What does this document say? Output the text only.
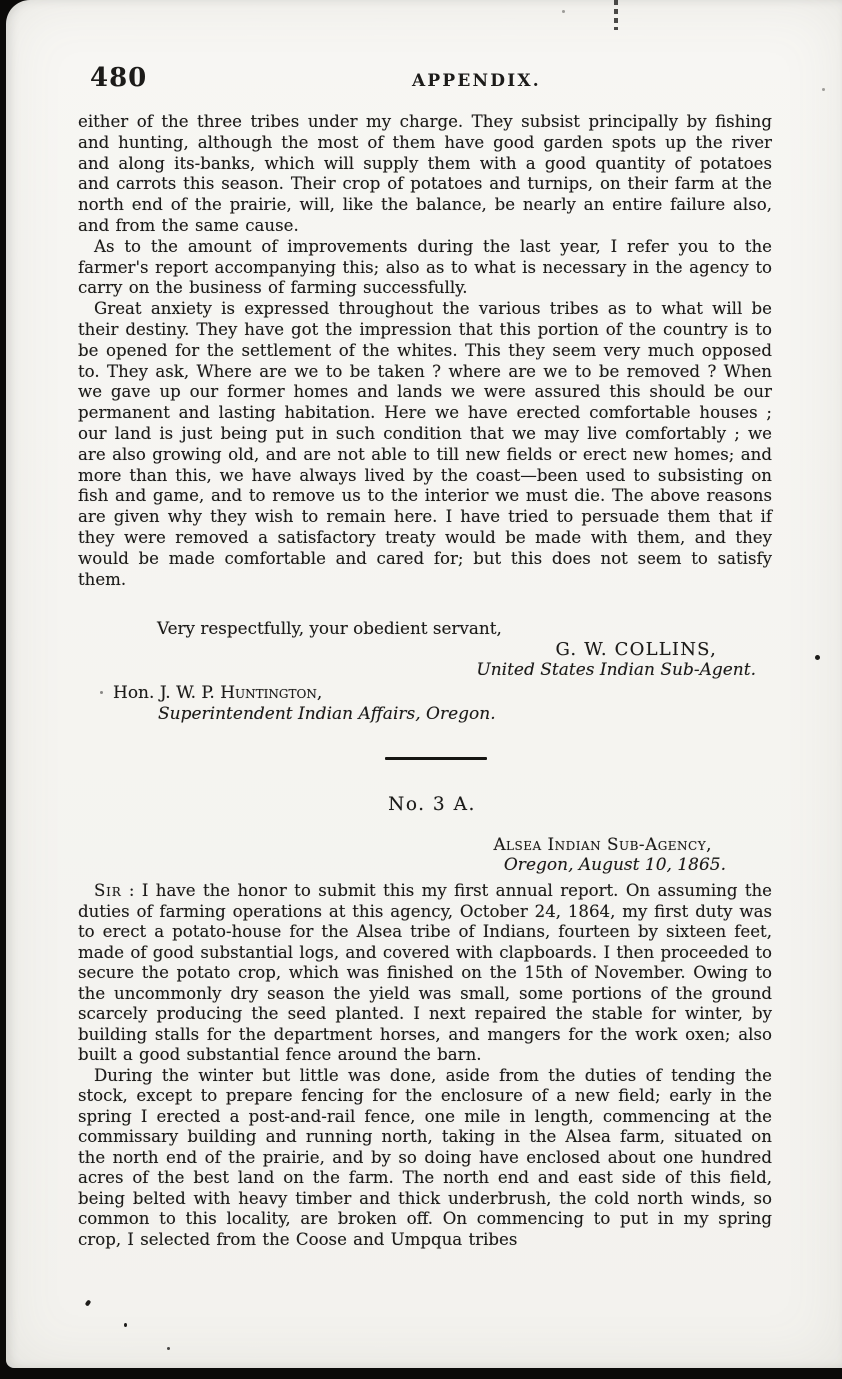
480	APPENDIX.

either of the three tribes under my charge. They subsist principally by fishing and hunting, although the most of them have good garden spots up the river and along its-banks, which will supply them with a good quantity of potatoes and carrots this season. Their crop of potatoes and turnips, on their farm at the north end of the prairie, will, like the balance, be nearly an entire failure also, and from the same cause.

As to the amount of improvements during the last year, I refer you to the farmer's report accompanying this; also as to what is necessary in the agency to carry on the business of farming successfully.

Great anxiety is expressed throughout the various tribes as to what will be their destiny. They have got the impression that this portion of the country is to be opened for the settlement of the whites. This they seem very much opposed to. They ask, Where are we to be taken ? where are we to be removed ? When we gave up our former homes and lands we were assured this should be our permanent and lasting habitation. Here we have erected comfortable houses ; our land is just being put in such condition that we may live comfortably ; we are also growing old, and are not able to till new fields or erect new homes; and more than this, we have always lived by the coast—been used to subsisting on fish and game, and to remove us to the interior we must die. The above reasons are given why they wish to remain here. I have tried to persuade them that if they were removed a satisfactory treaty would be made with them, and they would be made comfortable and cared for; but this does not seem to satisfy them.

Very respectfully, your obedient servant,

G. W. COLLINS,

United States Indian Sub-Agent.

Hon. J. W. P. Huntington,

Superintendent Indian Affairs, Oregon.

No. 3 A.
Alsea Indian Sub-Agency,
Oregon, August 10, 1865.

Sir : I have the honor to submit this my first annual report. On assuming the duties of farming operations at this agency, October 24, 1864, my first duty was to erect a potato-house for the Alsea tribe of Indians, fourteen by sixteen feet, made of good substantial logs, and covered with clapboards. I then proceeded to secure the potato crop, which was finished on the 15th of November. Owing to the uncommonly dry season the yield was small, some portions of the ground scarcely producing the seed planted. I next repaired the stable for winter, by building stalls for the department horses, and mangers for the work oxen; also built a good substantial fence around the barn.

During the winter but little was done, aside from the duties of tending the stock, except to prepare fencing for the enclosure of a new field; early in the spring I erected a post-and-rail fence, one mile in length, commencing at the commissary building and running north, taking in the Alsea farm, situated on the north end of the prairie, and by so doing have enclosed about one hundred acres of the best land on the farm. The north end and east side of this field, being belted with heavy timber and thick underbrush, the cold north winds, so common to this locality, are broken off. On commencing to put in my spring crop, I selected from the Coose and Umpqua tribes
